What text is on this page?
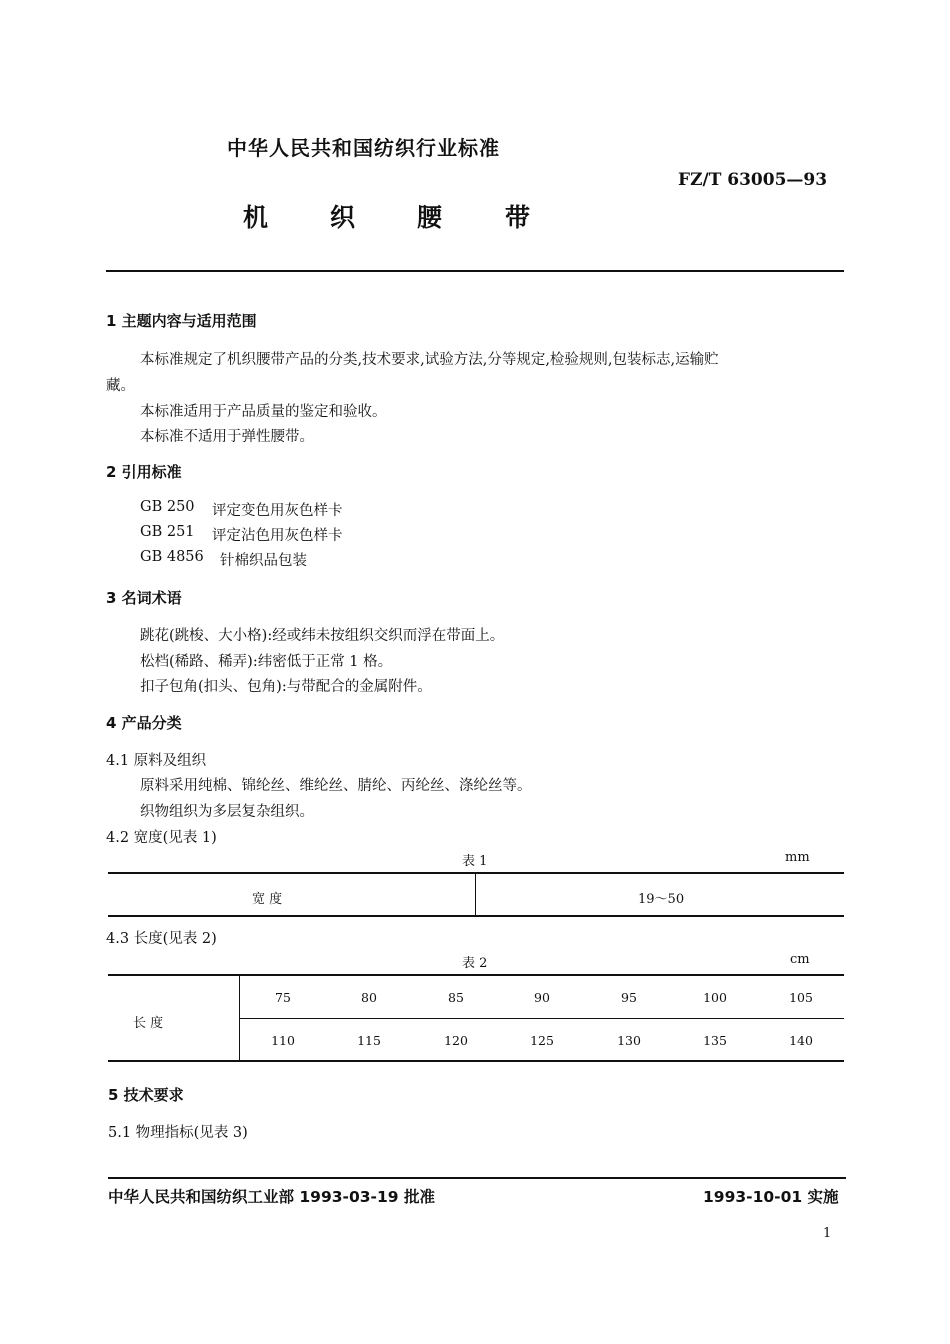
中华人民共和国纺织行业标准
FZ/T 63005—93
机 织 腰	带
1 主题内容与适用范围
本标准规定了机织腰带产品的分类,技术要求,试验方法,分等规定,检验规则,包装标志,运输贮
藏。
本标准适用于产品质量的鉴定和验收。
本标准不适用于弹性腰带。
2 引用标准
GB 250 评定变色用灰色样卡
GB 251 评定沾色用灰色样卡
GB 4856 针棉织品包装
3 名词术语
跳花(跳梭、大小格):经或纬未按组织交织而浮在带面上。
松档(稀路、稀弄):纬密低于正常 1 格。
扣子包角(扣头、包角):与带配合的金属附件。
4 产品分类
4.1 原料及组织
原料采用纯棉、锦纶丝、维纶丝、腈纶、丙纶丝、涤纶丝等。
织物组织为多层复杂组织。
4.2 宽度(见表 1)
表 1	mm
宽 度	19～50
4.3 长度(见表 2)
表 2	cm
长 度
75	80	85	90	95	100	105
110	115	120	125	130	135	140
5 技术要求
5.1 物理指标(见表 3)
中华人民共和国纺织工业部 1993-03-19 批准	1993-10-01 实施
1
